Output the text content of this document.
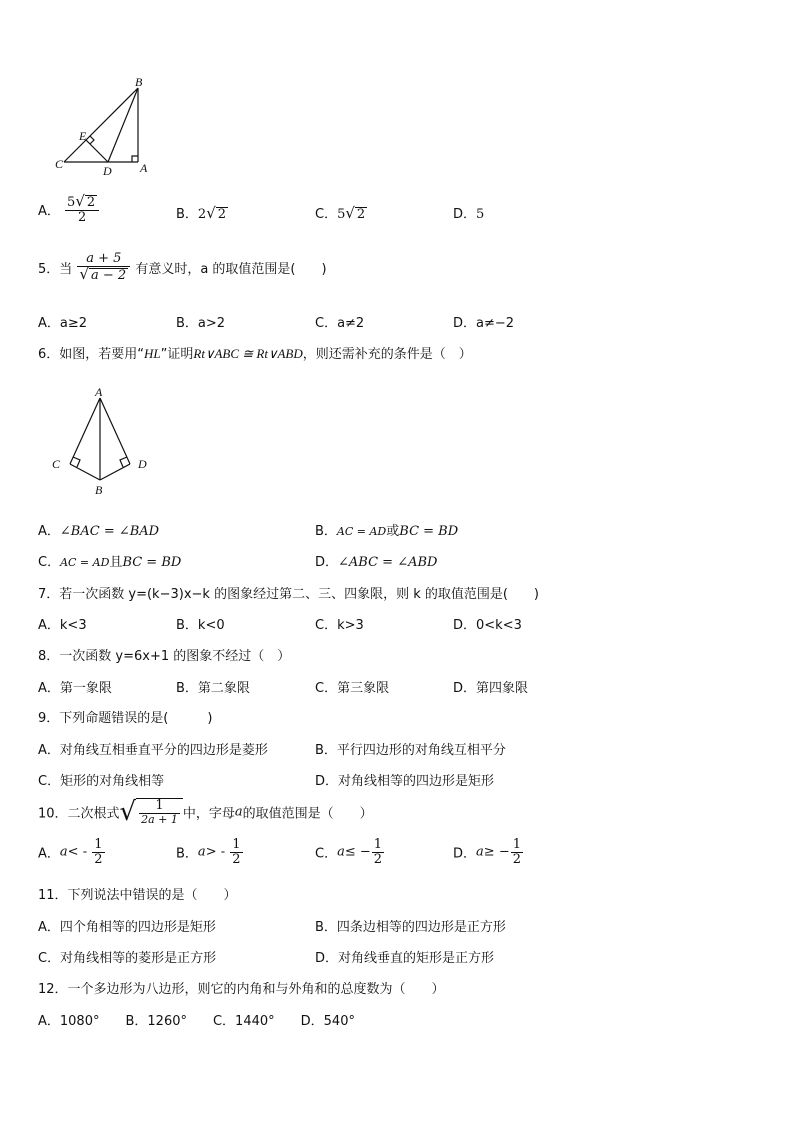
B
E
C	D A
A． $\frac{5√ 2}{2}$	B．2√ 2	C．5√ 2	D．5
5．当 $\frac{a + 5}{√ a - 2}$ 有意义时，a 的取值范围是(　　)
A．a≥2	B．a>2	C．a≠2	D．a≠−2
6．如图，若要用“HL”证明Rt∨ABC ≅ Rt∨ABD，则还需补充的条件是（　）
A
C	D
B
A．∠BAC = ∠BAD	B．AC = AD或BC = BD
C．AC = AD且BC = BD	D．∠ABC = ∠ABD
7．若一次函数 y=(k−3)x−k 的图象经过第二、三、四象限，则 k 的取值范围是(　　)
A．k<3	B．k<0	C．k>3	D．0<k<3
8．一次函数 y=6x+1 的图象不经过（　）
A．第一象限	B．第二象限	C．第三象限	D．第四象限
9．下列命题错误的是(　　　)
A．对角线互相垂直平分的四边形是菱形	B．平行四边形的对角线互相平分
C．矩形的对角线相等	D．对角线相等的四边形是矩形
10．二次根式√ $\frac{1}{2a + 1}$ 中，字母a的取值范围是（　　）
A．$a< - \frac{1}{2}$	B．$a> - \frac{1}{2}$	C．$a\le - \frac{1}{2}$	D．$a\ge - \frac{1}{2}$
11．下列说法中错误的是（　　）
A．四个角相等的四边形是矩形	B．四条边相等的四边形是正方形
C．对角线相等的菱形是正方形	D．对角线垂直的矩形是正方形
12．一个多边形为八边形，则它的内角和与外角和的总度数为（　　）
A．1080°　　B．1260°　　C．1440°　　D．540°
